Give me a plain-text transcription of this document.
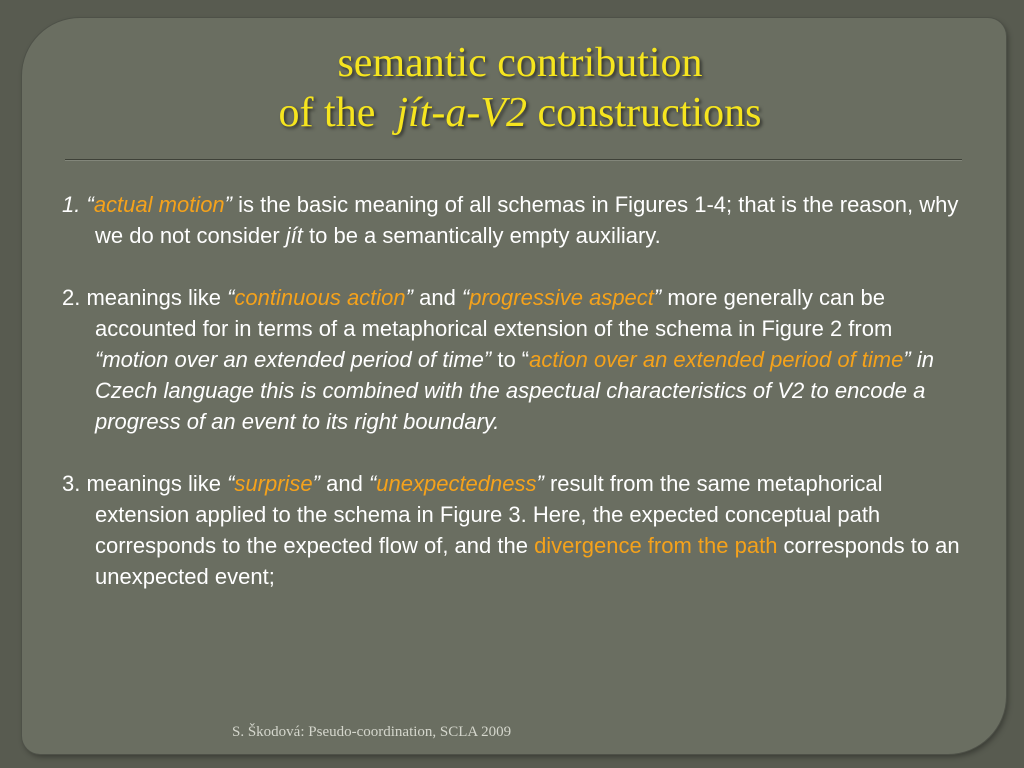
semantic contribution
of the jít-a-V2 constructions

1. “actual motion” is the basic meaning of all schemas in Figures 1-4; that is the reason, why we do not consider jít to be a semantically empty auxiliary.

2. meanings like “continuous action” and “progressive aspect” more generally can be accounted for in terms of a metaphorical extension of the schema in Figure 2 from “motion over an extended period of time” to “action over an extended period of time” in Czech language this is combined with the aspectual characteristics of V2 to encode a progress of an event to its right boundary.

3. meanings like “surprise” and “unexpectedness” result from the same metaphorical extension applied to the schema in Figure 3. Here, the expected conceptual path corresponds to the expected flow of, and the divergence from the path corresponds to an unexpected event;

S. Škodová: Pseudo-coordination, SCLA 2009
